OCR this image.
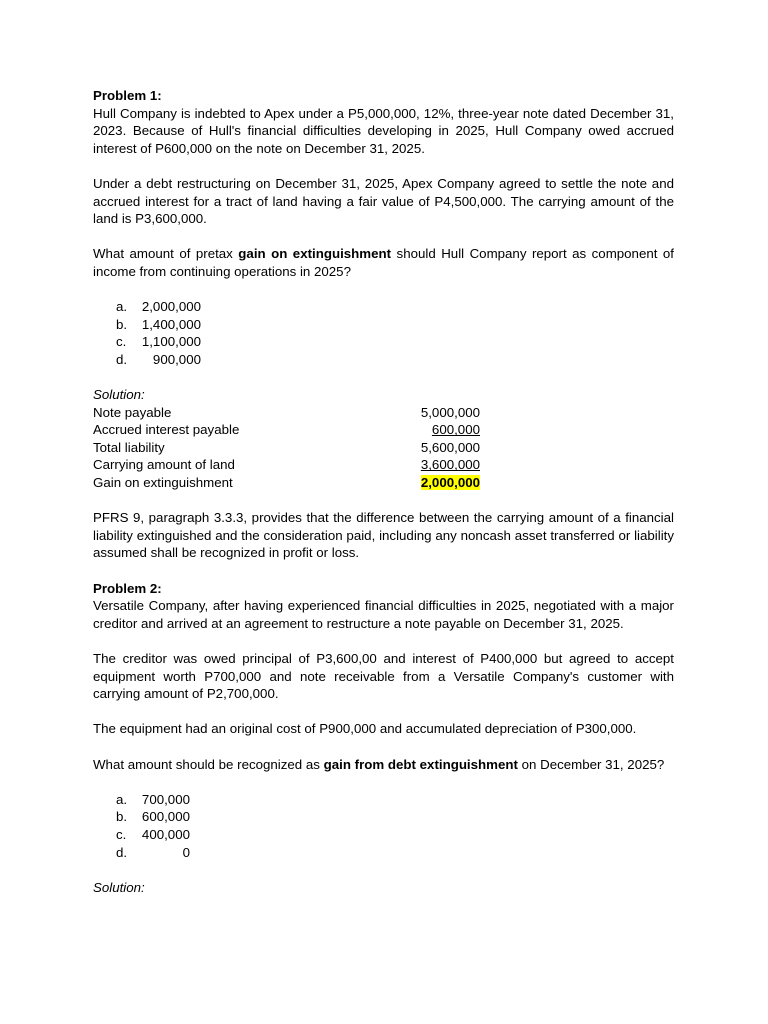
Problem 1:

Hull Company is indebted to Apex under a P5,000,000, 12%, three-year note dated December 31, 2023. Because of Hull's financial difficulties developing in 2025, Hull Company owed accrued interest of P600,000 on the note on December 31, 2025.

Under a debt restructuring on December 31, 2025, Apex Company agreed to settle the note and accrued interest for a tract of land having a fair value of P4,500,000. The carrying amount of the land is P3,600,000.

What amount of pretax gain on extinguishment should Hull Company report as component of income from continuing operations in 2025?

a.	2,000,000
b.	1,400,000
c.	1,100,000
d.	900,000

Solution:

Note payable	5,000,000
Accrued interest payable	600,000
Total liability	5,600,000
Carrying amount of land	3,600,000
Gain on extinguishment	2,000,000

PFRS 9, paragraph 3.3.3, provides that the difference between the carrying amount of a financial liability extinguished and the consideration paid, including any noncash asset transferred or liability assumed shall be recognized in profit or loss.

Problem 2:

Versatile Company, after having experienced financial difficulties in 2025, negotiated with a major creditor and arrived at an agreement to restructure a note payable on December 31, 2025.

The creditor was owed principal of P3,600,00 and interest of P400,000 but agreed to accept equipment worth P700,000 and note receivable from a Versatile Company's customer with carrying amount of P2,700,000.

The equipment had an original cost of P900,000 and accumulated depreciation of P300,000.

What amount should be recognized as gain from debt extinguishment on December 31, 2025?

a.	700,000
b.	600,000
c.	400,000
d.	0

Solution:
